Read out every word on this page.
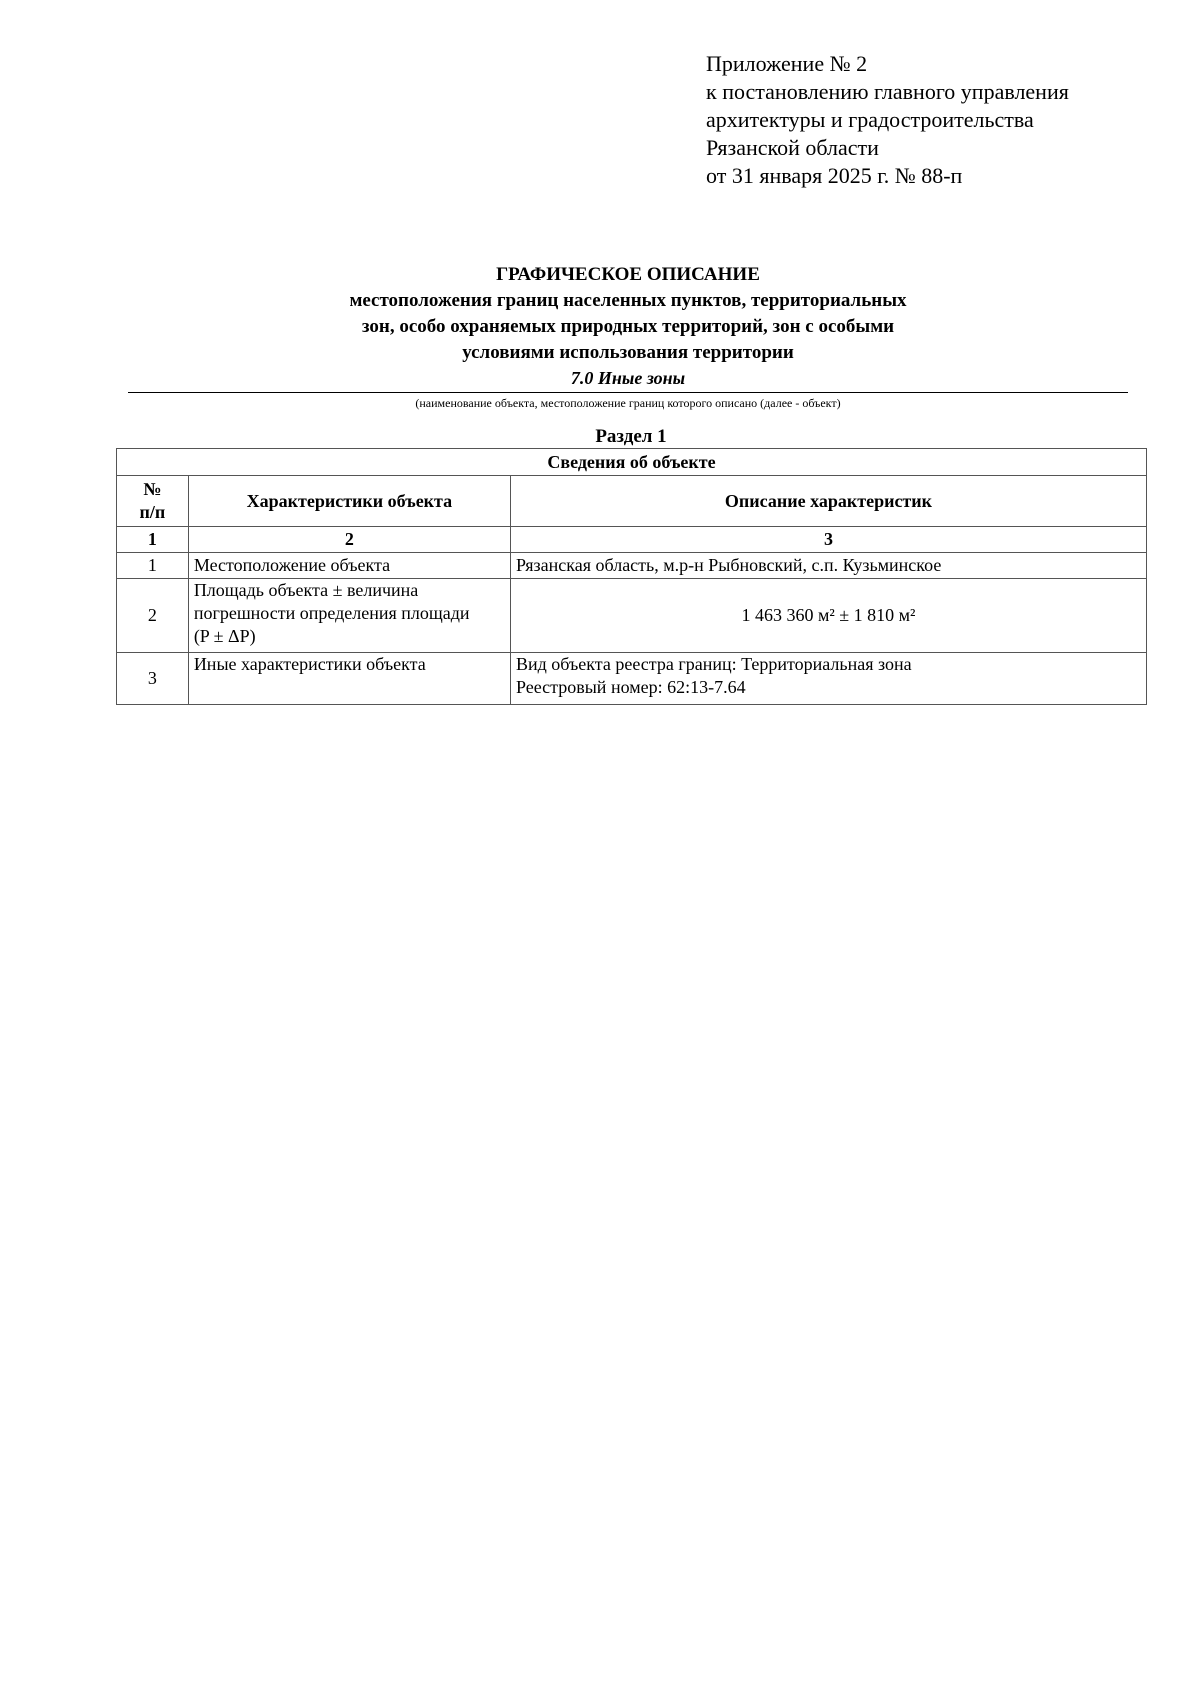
Приложение № 2
к постановлению главного управления
архитектуры и градостроительства
Рязанской области
от 31 января 2025 г. № 88-п
ГРАФИЧЕСКОЕ ОПИСАНИЕ
местоположения границ населенных пунктов, территориальных
зон, особо охраняемых природных территорий, зон с особыми
условиями использования территории
7.0 Иные зоны
(наименование объекта, местоположение границ которого описано (далее - объект)
Раздел 1
Сведения об объекте		

№
п/п	Характеристики объекта	Описание характеристик
1	2	3
1	Местоположение объекта	Рязанская область, м.р-н Рыбновский, с.п. Кузьминское
2	Площадь объекта ± величина
погрешности определения площади
(P ± ΔP)	1 463 360 м² ± 1 810 м²
3	Иные характеристики объекта	Вид объекта реестра границ: Территориальная зона
Реестровый номер: 62:13-7.64
